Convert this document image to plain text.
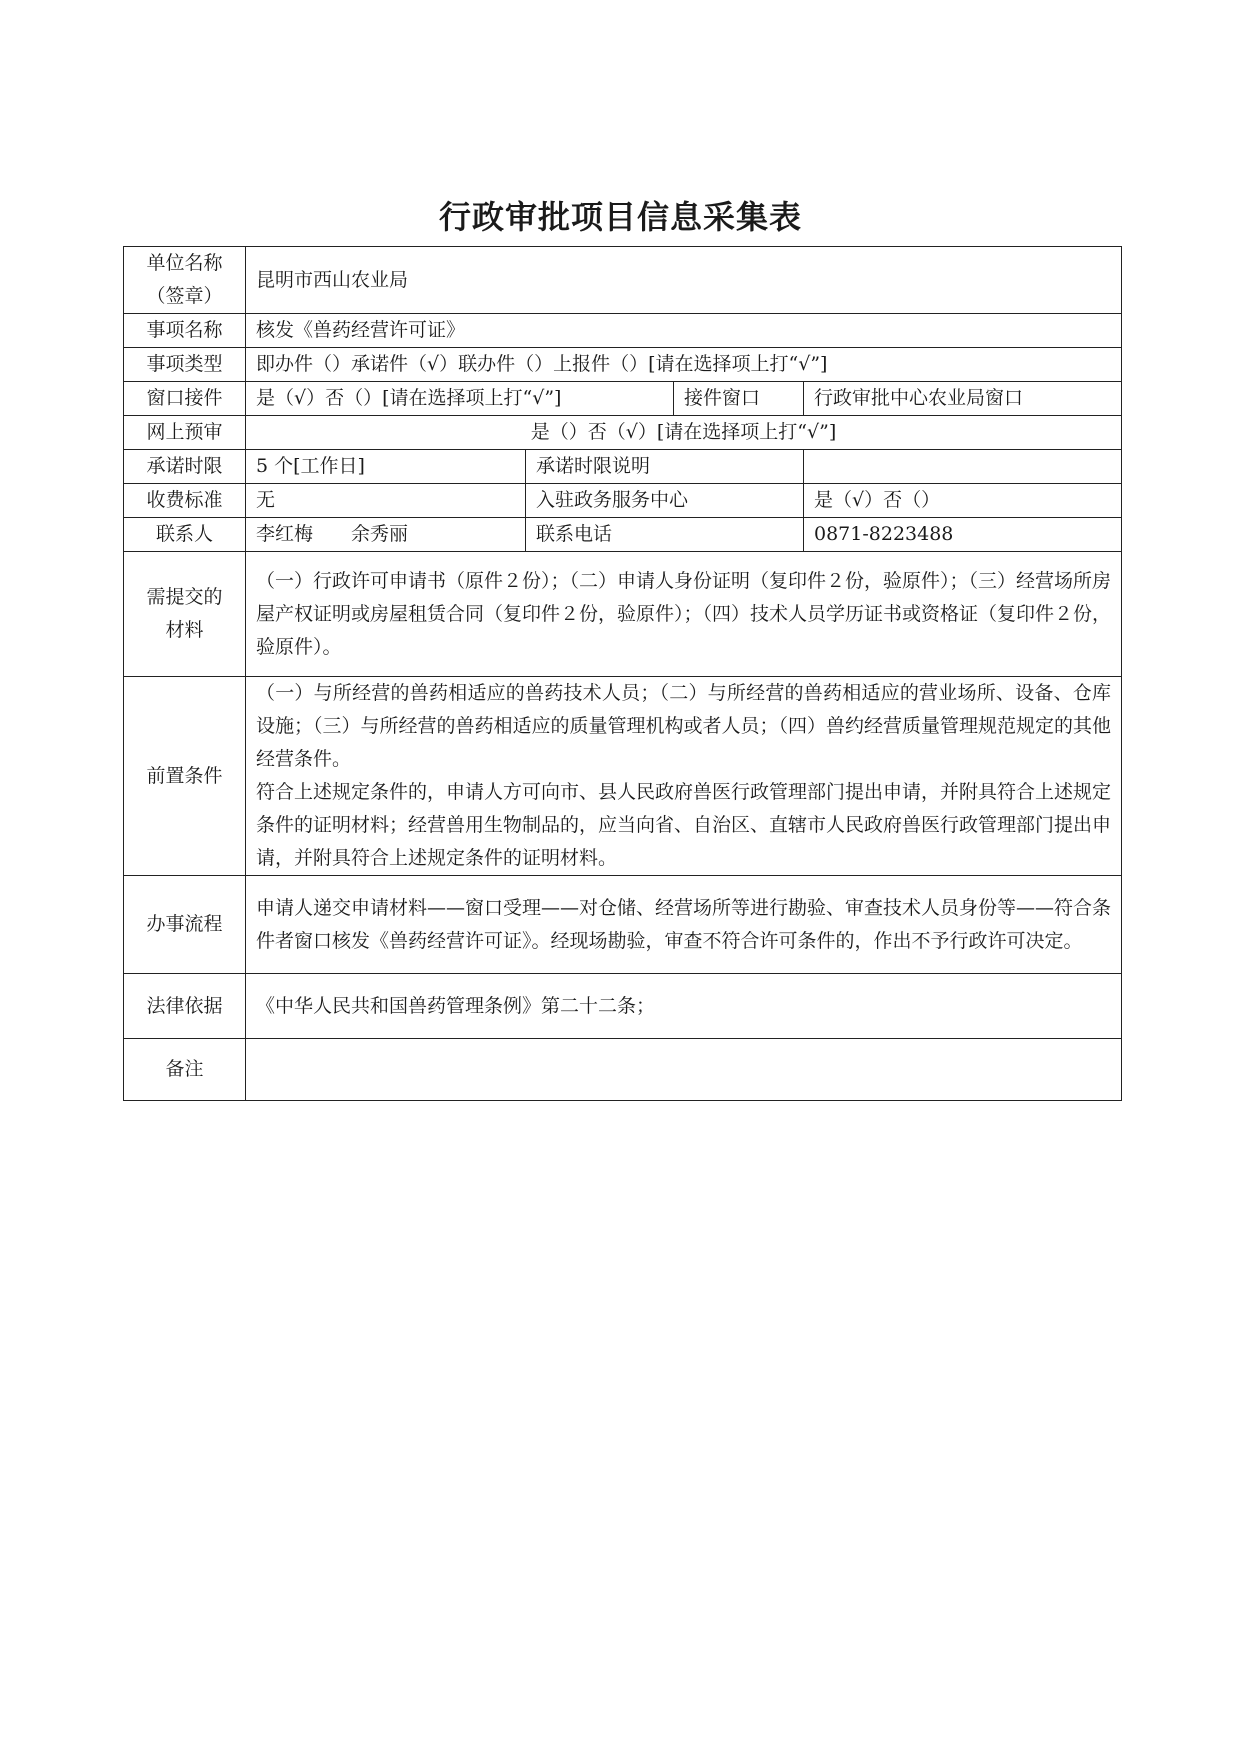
行政审批项目信息采集表
单位名称
（签章）	昆明市西山农业局			
事项名称	核发《兽药经营许可证》			
事项类型	即办件（）承诺件（√）联办件（）上报件（）[请在选择项上打“√”]			
窗口接件	是（√）否（）[请在选择项上打“√”]		接件窗口	行政审批中心农业局窗口
网上预审	是（）否（√）[请在选择项上打“√”]			
承诺时限	5 个[工作日]	承诺时限说明		
收费标准	无	入驻政务服务中心		是（√）否（）
联系人	李红梅　　余秀丽	联系电话		0871-8223488

需提交的
材料	（一）行政许可申请书（原件２份）；（二）申请人身份证明（复印件２份，验原件）；（三）经营场所房屋产权证明或房屋租赁合同（复印件２份，验原件）；（四）技术人员学历证书或资格证（复印件２份，验原件）。			
前置条件	（一）与所经营的兽药相适应的兽药技术人员；（二）与所经营的兽药相适应的营业场所、设备、仓库设施；（三）与所经营的兽药相适应的质量管理机构或者人员；（四）兽约经营质量管理规范规定的其他经营条件。
符合上述规定条件的，申请人方可向市、县人民政府兽医行政管理部门提出申请，并附具符合上述规定条件的证明材料；经营兽用生物制品的，应当向省、自治区、直辖市人民政府兽医行政管理部门提出申请，并附具符合上述规定条件的证明材料。			

办事流程	申请人递交申请材料——窗口受理——对仓储、经营场所等进行勘验、审查技术人员身份等——符合条件者窗口核发《兽药经营许可证》。经现场勘验，审查不符合许可条件的，作出不予行政许可决定。			
法律依据	《中华人民共和国兽药管理条例》第二十二条；			
备注				
